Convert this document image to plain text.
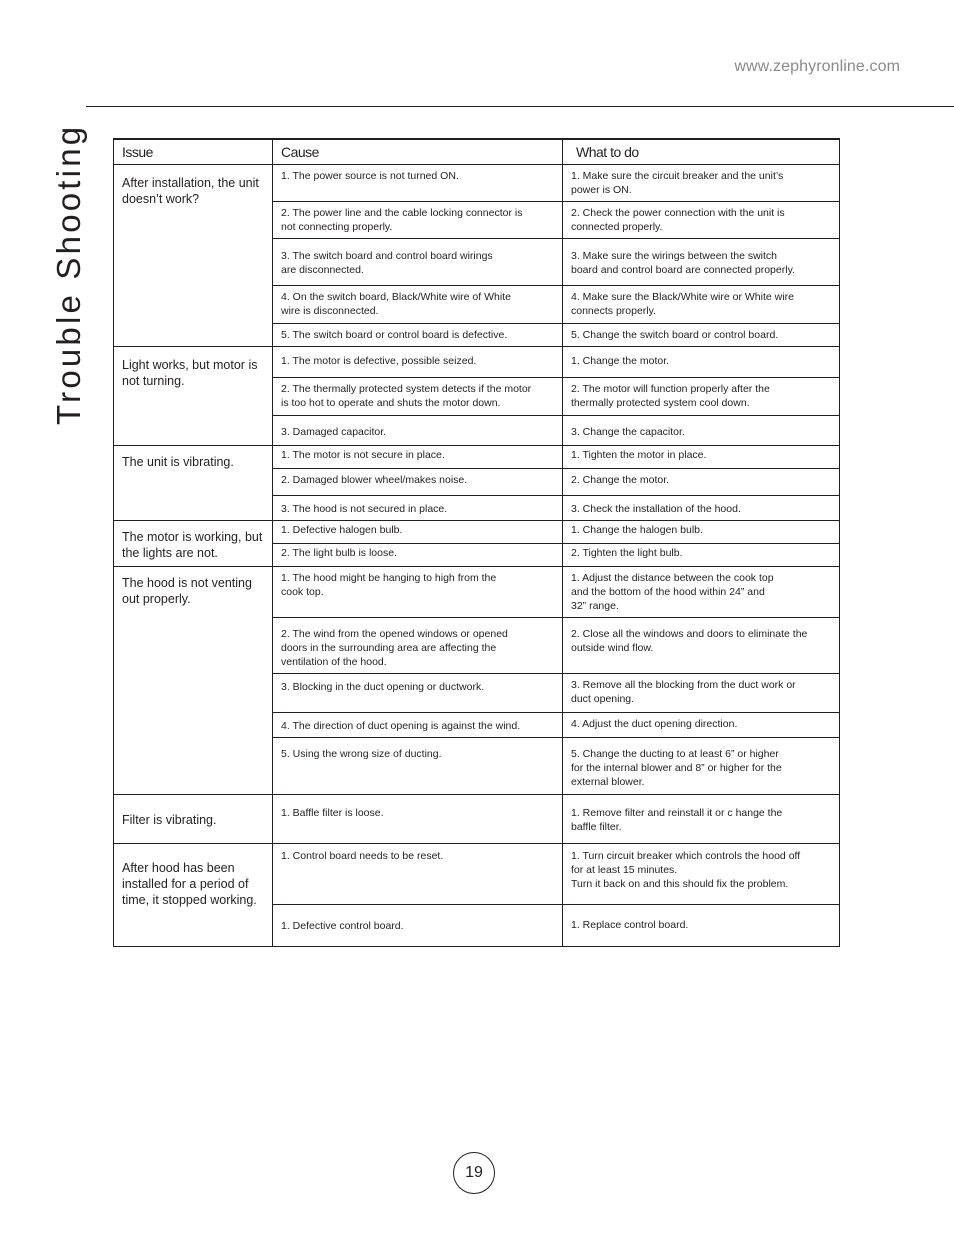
www.zephyronline.com
Trouble Shooting	Issue	Cause	What to do
After installation, the unit doesn’t work?	1. The power source is not turned ON.	1. Make sure the circuit breaker and the unit’s
power is ON.
	2. The power line and the cable locking connector is
not connecting properly.	2. Check the power connection with the unit is
connected properly.
	3. The switch board and control board wirings
are disconnected.	3. Make sure the wirings between the switch
board and control board are connected properly.
	4. On the switch board, Black/White wire of White
wire is disconnected.	4. Make sure the Black/White wire or White wire
connects properly.
	5. The switch board or control board is defective.	5. Change the switch board or control board.
Light works, but motor is not turning.	1. The motor is defective, possible seized.	1. Change the motor.
	2. The thermally protected system detects if the motor
is too hot to operate and shuts the motor down.	2. The motor will function properly after the
thermally protected system cool down.
	3. Damaged capacitor.	3. Change the capacitor.
The unit is vibrating.	1. The motor is not secure in place.	1. Tighten the motor in place.
	2. Damaged blower wheel/makes noise.	2. Change the motor.
	3. The hood is not secured in place.	3. Check the installation of the hood.
The motor is working, but the lights are not.	1. Defective halogen bulb.	1. Change the halogen bulb.
	2. The light bulb is loose.	2. Tighten the light bulb.
The hood is not venting out properly.	1. The hood might be hanging to high from the
cook top.	1. Adjust the distance between the cook top
and the bottom of the hood within 24” and
32” range.
	2. The wind from the opened windows or opened
doors in the surrounding area are affecting the
ventilation of the hood.	2. Close all the windows and doors to eliminate the
outside wind flow.
	3. Blocking in the duct opening or ductwork.	3. Remove all the blocking from the duct work or
duct opening.
	4. The direction of duct opening is against the wind.	4. Adjust the duct opening direction.
	5. Using the wrong size of ducting.	5. Change the ducting to at least 6” or higher
for the internal blower and 8” or higher for the
external blower.
Filter is vibrating.	1. Baffle filter is loose.	1. Remove filter and reinstall it or c hange the
baffle filter.
After hood has been installed for a period of time, it stopped working.	1. Control board needs to be reset.	1. Turn circuit breaker which controls the hood off
for at least 15 minutes.
Turn it back on and this should fix the problem.
	1. Defective control board.	1. Replace control board.
19
